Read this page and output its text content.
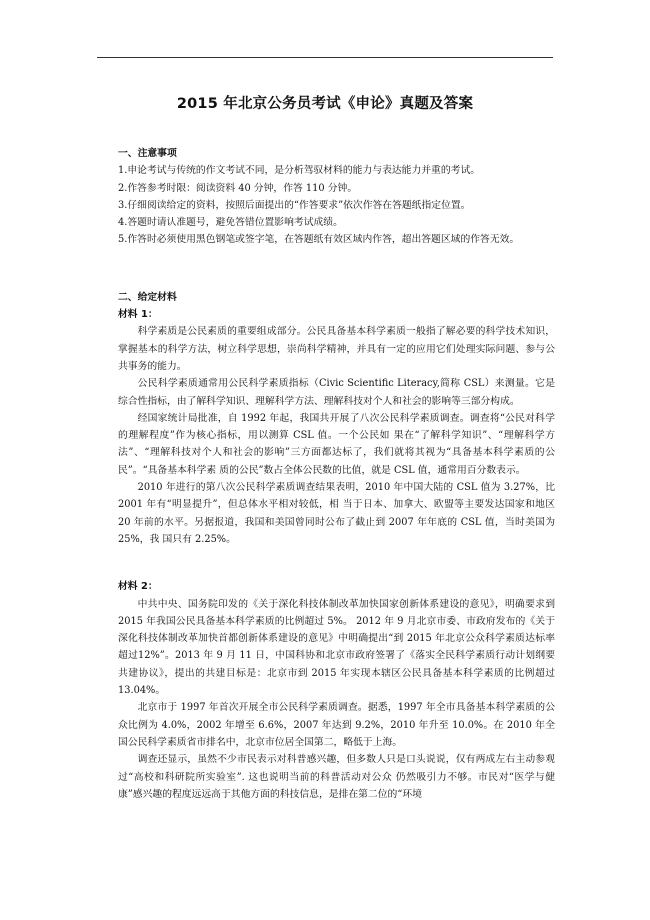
2015 年北京公务员考试《申论》真题及答案

一、注意事项

1.申论考试与传统的作文考试不同，是分析驾驭材料的能力与表达能力并重的考试。

2.作答参考时限：阅读资料 40 分钟，作答 110 分钟。

3.仔细阅读给定的资料，按照后面提出的“作答要求”依次作答在答题纸指定位置。

4.答题时请认准题号，避免答错位置影响考试成绩。

5.作答时必须使用黑色钢笔或签字笔，在答题纸有效区域内作答，超出答题区域的作答无效。

二、给定材料

材料 1：

科学素质是公民素质的重要组成部分。公民具备基本科学素质一般指了解必要的科学技术知识，掌握基本的科学方法，树立科学思想，崇尚科学精神，并具有一定的应用它们处理实际问题、参与公共事务的能力。

公民科学素质通常用公民科学素质指标（Civic Scientific Literacy,简称 CSL）来测量。它是综合性指标，由了解科学知识、理解科学方法、理解科技对个人和社会的影响等三部分构成。

经国家统计局批准，自 1992 年起，我国共开展了八次公民科学素质调查。调查将“公民对科学的理解程度”作为核心指标，用以测算 CSL 值。一个公民如 果在“了解科学知识”、“理解科学方法”、“理解科技对个人和社会的影响”三方面都达标了，我们就将其视为“具备基本科学素质的公民”。“具备基本科学素 质的公民”数占全体公民数的比值，就是 CSL 值，通常用百分数表示。

2010 年进行的第八次公民科学素质调查结果表明，2010 年中国大陆的 CSL 值为 3.27%，比 2001 年有“明显提升”，但总体水平相对较低，相 当于日本、加拿大、欧盟等主要发达国家和地区 20 年前的水平。另据报道，我国和美国曾同时公布了截止到 2007 年年底的 CSL 值，当时美国为 25%，我 国只有 2.25%。

材料 2：

中共中央、国务院印发的《关于深化科技体制改革加快国家创新体系建设的意见》，明确要求到 2015 年我国公民具备基本科学素质的比例超过 5%。 2012 年 9 月北京市委、市政府发布的《关于深化科技体制改革加快首都创新体系建设的意见》中明确提出“到 2015 年北京公众科学素质达标率超过12%”。2013 年 9 月 11 日，中国科协和北京市政府签署了《落实全民科学素质行动计划纲要共建协议》，提出的共建目标是：北京市到 2015 年实现本辖区公民具备基本科学素质的比例超过 13.04%。

北京市于 1997 年首次开展全市公民科学素质调查。据悉，1997 年全市具备基本科学素质的公众比例为 4.0%，2002 年增至 6.6%，2007 年达到 9.2%，2010 年升至 10.0%。在 2010 年全国公民科学素质省市排名中，北京市位居全国第二，略低于上海。

调查还显示，虽然不少市民表示对科普感兴趣，但多数人只是口头说说，仅有两成左右主动参观过“高校和科研院所实验室”. 这也说明当前的科普活动对公众 仍然吸引力不够。市民对“医学与健康”感兴趣的程度远远高于其他方面的科技信息，是排在第二位的“环境
